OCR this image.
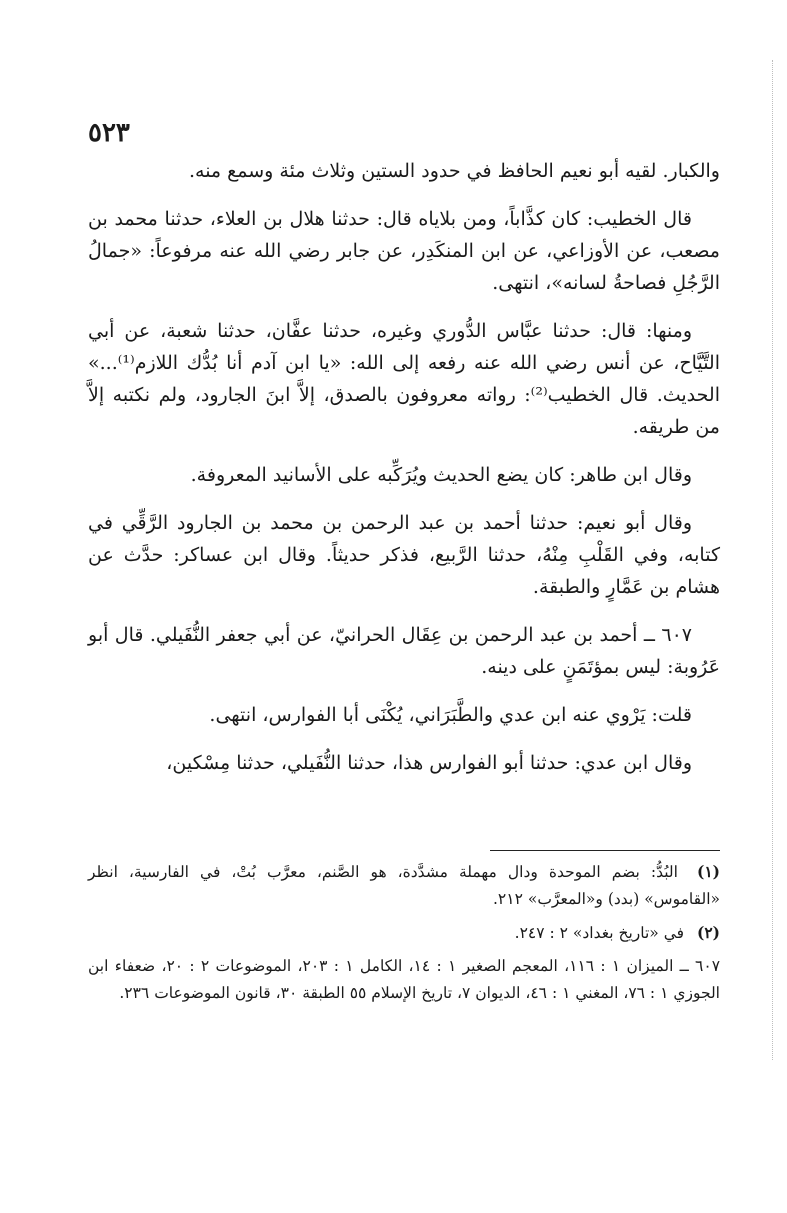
٥٢٣

والكبار. لقيه أبو نعيم الحافظ في حدود الستين وثلاث مئة وسمع منه.

قال الخطيب: كان كذَّاباً، ومن بلاياه قال: حدثنا هلال بن العلاء، حدثنا محمد بن مصعب، عن الأوزاعي، عن ابن المنكَدِر، عن جابر رضي الله عنه مرفوعاً: «جمالُ الرَّجُلِ فصاحةُ لسانه»، انتهى.

ومنها: قال: حدثنا عبَّاس الدُّوري وغيره، حدثنا عفَّان، حدثنا شعبة، عن أبي التَّيَّاح، عن أنس رضي الله عنه رفعه إلى الله: «يا ابن آدم أنا بُدُّك اللازم⁽¹⁾...» الحديث. قال الخطيب⁽²⁾: رواته معروفون بالصدق، إلاَّ ابنَ الجارود، ولم نكتبه إلاَّ من طريقه.

وقال ابن طاهر: كان يضع الحديث ويُرَكِّبه على الأسانيد المعروفة.

وقال أبو نعيم: حدثنا أحمد بن عبد الرحمن بن محمد بن الجارود الرَّقِّي في كتابه، وفي القَلْبِ مِنْهُ، حدثنا الرَّبيع، فذكر حديثاً. وقال ابن عساكر: حدَّث عن هشام بن عَمَّارٍ والطبقة.

٦٠٧ ــ أحمد بن عبد الرحمن بن عِقَال الحرانيّ، عن أبي جعفر النُّفَيلي. قال أبو عَرُوبة: ليس بمؤتَمَنٍ على دينه.

قلت: يَرْوي عنه ابن عدي والطَّبَرَاني، يُكْنَى أبا الفوارس، انتهى.

وقال ابن عدي: حدثنا أبو الفوارس هذا، حدثنا النُّفَيلي، حدثنا مِسْكين،

(١) البُدُّ: بضم الموحدة ودال مهملة مشدَّدة، هو الصَّنم، معرَّب بُتْ، في الفارسية، انظر «القاموس» (بدد) و«المعرَّب» ٢١٢.

(٢) في «تاريخ بغداد» ٢ : ٢٤٧.

٦٠٧ ــ الميزان ١ : ١١٦، المعجم الصغير ١ : ١٤، الكامل ١ : ٢٠٣، الموضوعات ٢ : ٢٠، ضعفاء ابن الجوزي ١ : ٧٦، المغني ١ : ٤٦، الديوان ٧، تاريخ الإسلام ٥٥ الطبقة ٣٠، قانون الموضوعات ٢٣٦.
